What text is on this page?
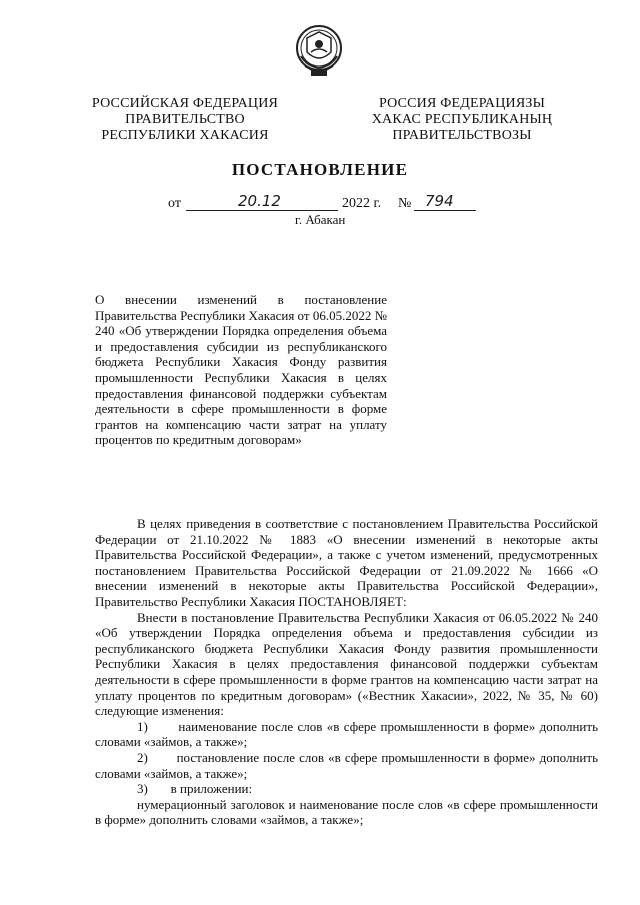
РОССИЙСКАЯ ФЕДЕРАЦИЯ
ПРАВИТЕЛЬСТВО
РЕСПУБЛИКИ ХАКАСИЯ
РОССИЯ ФЕДЕРАЦИЯЗЫ
ХАКАС РЕСПУБЛИКАНЫҢ
ПРАВИТЕЛЬСТВОЗЫ
ПОСТАНОВЛЕНИЕ
от	20.12	2022 г. № 794
г. Абакан
О внесении изменений в постановление Правительства Республики Хакасия от 06.05.2022 № 240 «Об утверждении Порядка определения объема и предоставления субсидии из республиканского бюджета Республики Хакасия Фонду развития промышленности Республики Хакасия в целях предоставления финансовой поддержки субъектам деятельности в сфере промышленности в форме грантов на компенсацию части затрат на уплату процентов по кредитным договорам»

В целях приведения в соответствие с постановлением Правительства Российской Федерации от 21.10.2022 № 1883 «О внесении изменений в некоторые акты Правительства Российской Федерации», а также с учетом изменений, предусмотренных постановлением Правительства Российской Федерации от 21.09.2022 № 1666 «О внесении изменений в некоторые акты Правительства Российской Федерации», Правительство Республики Хакасия ПОСТАНОВЛЯЕТ:

Внести в постановление Правительства Республики Хакасия от 06.05.2022 № 240 «Об утверждении Порядка определения объема и предоставления субсидии из республиканского бюджета Республики Хакасия Фонду развития промышленности Республики Хакасия в целях предоставления финансовой поддержки субъектам деятельности в сфере промышленности в форме грантов на компенсацию части затрат на уплату процентов по кредитным договорам» («Вестник Хакасии», 2022, № 35, № 60) следующие изменения:

1) наименование после слов «в сфере промышленности в форме» дополнить словами «займов, а также»;

2) постановление после слов «в сфере промышленности в форме» дополнить словами «займов, а также»;

3) в приложении:

нумерационный заголовок и наименование после слов «в сфере промышленности в форме» дополнить словами «займов, а также»;
